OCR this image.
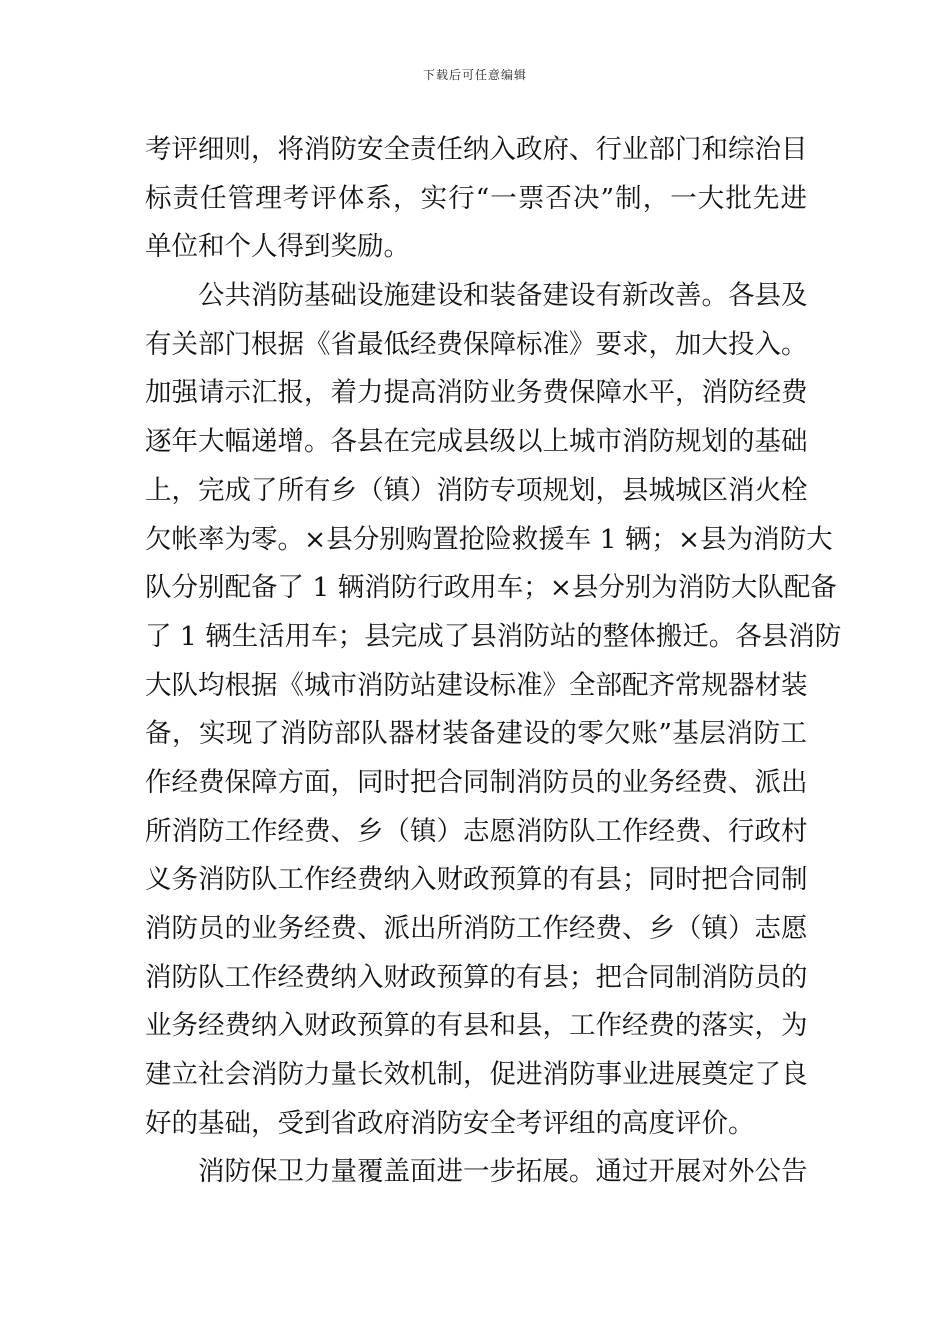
下载后可任意编辑
考评细则，将消防安全责任纳入政府、行业部门和综治目
标责任管理考评体系，实行“一票否决”制，一大批先进
单位和个人得到奖励。
公共消防基础设施建设和装备建设有新改善。各县及
有关部门根据《省最低经费保障标准》要求，加大投入。
加强请示汇报，着力提高消防业务费保障水平，消防经费
逐年大幅递增。各县在完成县级以上城市消防规划的基础
上，完成了所有乡（镇）消防专项规划，县城城区消火栓
欠帐率为零。×县分别购置抢险救援车 1 辆；×县为消防大
队分别配备了 1 辆消防行政用车；×县分别为消防大队配备
了 1 辆生活用车；县完成了县消防站的整体搬迁。各县消防
大队均根据《城市消防站建设标准》全部配齐常规器材装
备，实现了消防部队器材装备建设的零欠账”基层消防工
作经费保障方面，同时把合同制消防员的业务经费、派出
所消防工作经费、乡（镇）志愿消防队工作经费、行政村
义务消防队工作经费纳入财政预算的有县；同时把合同制
消防员的业务经费、派出所消防工作经费、乡（镇）志愿
消防队工作经费纳入财政预算的有县；把合同制消防员的
业务经费纳入财政预算的有县和县，工作经费的落实，为
建立社会消防力量长效机制，促进消防事业进展奠定了良
好的基础，受到省政府消防安全考评组的高度评价。
消防保卫力量覆盖面进一步拓展。通过开展对外公告
